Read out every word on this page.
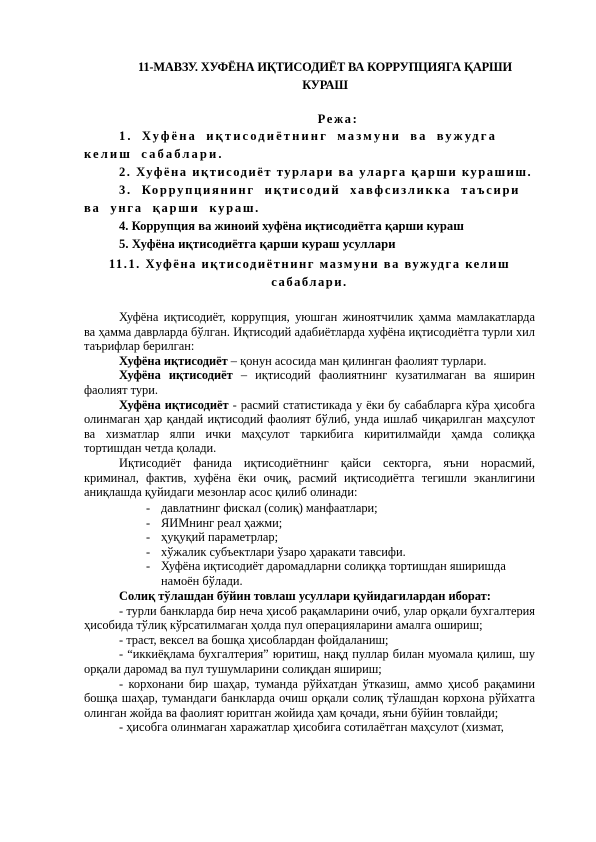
11-МАВЗУ. ХУФЁНА ИҚТИСОДИЁТ ВА КОРРУПЦИЯГА ҚАРШИ
КУРАШ
Режа:
1. Хуфёна иқтисодиётнинг мазмуни ва вужудга келиш сабаблари.
2. Хуфёна иқтисодиёт турлари ва уларга қарши курашиш.
3. Коррупциянинг иқтисодий хавфсизликка таъсири ва унга қарши кураш.
4. Коррупция ва жиноий хуфёна иқтисодиётга қарши кураш
5. Хуфёна иқтисодиётга қарши кураш усуллари
11.1. Хуфёна иқтисодиётнинг мазмуни ва вужудга келиш сабаблари.

Хуфёна иқтисодиёт, коррупция, уюшган жиноятчилик ҳамма мамлакатларда ва ҳамма даврларда бўлган. Иқтисодий адабиётларда хуфёна иқтисодиётга турли хил таърифлар берилган:

Хуфёна иқтисодиёт – қонун асосида ман қилинган фаолият турлари.

Хуфёна иқтисодиёт – иқтисодий фаолиятнинг кузатилмаган ва яширин фаолият тури.

Хуфёна иқтисодиёт - расмий статистикада у ёки бу сабабларга кўра ҳисобга олинмаган ҳар қандай иқтисодий фаолият бўлиб, унда ишлаб чиқарилган маҳсулот ва хизматлар ялпи ички маҳсулот таркибига киритилмайди ҳамда солиққа тортишдан четда қолади.

Иқтисодиёт фанида иқтисодиётнинг қайси секторга, яъни норасмий, криминал, фактив, хуфёна ёки очиқ, расмий иқтисодиётга тегишли эканлигини аниқлашда қуйидаги мезонлар асос қилиб олинади:

- давлатнинг фискал (солиқ) манфаатлари;
- ЯИМнинг реал ҳажми;
- ҳуқуқий параметрлар;
- хўжалик субъектлари ўзаро ҳаракати тавсифи.
- Хуфёна иқтисодиёт даромадларни солиққа тортишдан яширишда намоён бўлади.

Солиқ тўлашдан бўйин товлаш усуллари қуйидагилардан иборат:

- турли банкларда бир неча ҳисоб рақамларини очиб, улар орқали бухгалтерия ҳисобида тўлиқ кўрсатилмаган ҳолда пул операцияларини амалга ошириш;

- траст, вексел ва бошқа ҳисоблардан фойдаланиш;

- “иккиёқлама бухгалтерия” юритиш, нақд пуллар билан муомала қилиш, шу орқали даромад ва пул тушумларини солиқдан яшириш;

- корхонани бир шаҳар, туманда рўйхатдан ўтказиш, аммо ҳисоб рақамини бошқа шаҳар, тумандаги банкларда очиш орқали солиқ тўлашдан корхона рўйхатга олинган жойда ва фаолият юритган жойида ҳам қочади, яъни бўйин товлайди;

- ҳисобга олинмаган харажатлар ҳисобига сотилаётган маҳсулот (хизмат,
